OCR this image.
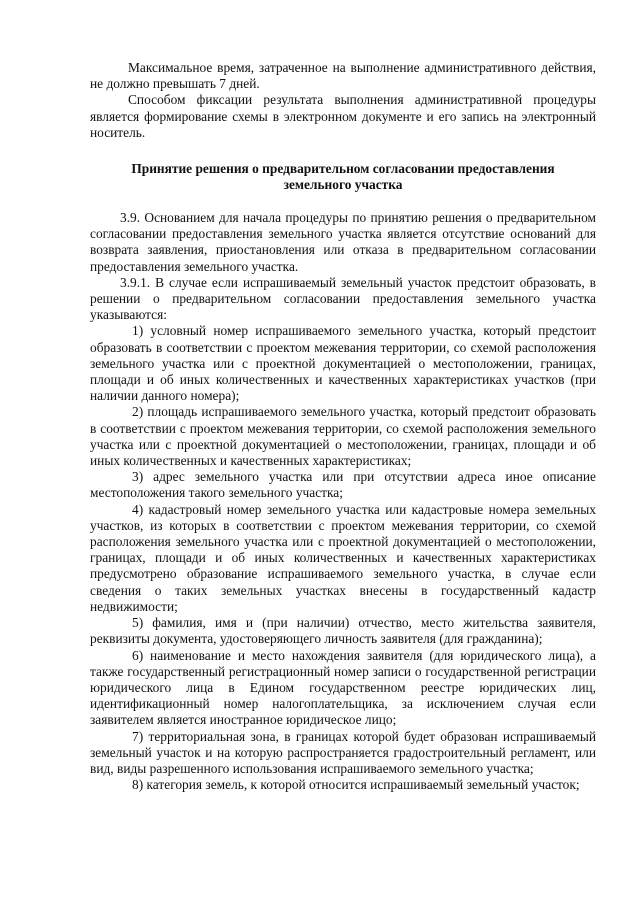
Максимальное время, затраченное на выполнение административного действия, не должно превышать 7 дней.

Способом фиксации результата выполнения административной процедуры является формирование схемы в электронном документе и его запись на электронный носитель.

Принятие решения о предварительном согласовании предоставления
земельного участка

3.9. Основанием для начала процедуры по принятию решения о предварительном согласовании предоставления земельного участка является отсутствие оснований для возврата заявления, приостановления или отказа в предварительном согласовании предоставления земельного участка.

3.9.1. В случае если испрашиваемый земельный участок предстоит образовать, в решении о предварительном согласовании предоставления земельного участка указываются:

1) условный номер испрашиваемого земельного участка, который предстоит образовать в соответствии с проектом межевания территории, со схемой расположения земельного участка или с проектной документацией о местоположении, границах, площади и об иных количественных и качественных характеристиках участков (при наличии данного номера);

2) площадь испрашиваемого земельного участка, который предстоит образовать в соответствии с проектом межевания территории, со схемой расположения земельного участка или с проектной документацией о местоположении, границах, площади и об иных количественных и качественных характеристиках;

3) адрес земельного участка или при отсутствии адреса иное описание местоположения такого земельного участка;

4) кадастровый номер земельного участка или кадастровые номера земельных участков, из которых в соответствии с проектом межевания территории, со схемой расположения земельного участка или с проектной документацией о местоположении, границах, площади и об иных количественных и качественных характеристиках предусмотрено образование испрашиваемого земельного участка, в случае если сведения о таких земельных участках внесены в государственный кадастр недвижимости;

5) фамилия, имя и (при наличии) отчество, место жительства заявителя, реквизиты документа, удостоверяющего личность заявителя (для гражданина);

6) наименование и место нахождения заявителя (для юридического лица), а также государственный регистрационный номер записи о государственной регистрации юридического лица в Едином государственном реестре юридических лиц, идентификационный номер налогоплательщика, за исключением случая если заявителем является иностранное юридическое лицо;

7) территориальная зона, в границах которой будет образован испрашиваемый земельный участок и на которую распространяется градостроительный регламент, или вид, виды разрешенного использования испрашиваемого земельного участка;

8) категория земель, к которой относится испрашиваемый земельный участок;
